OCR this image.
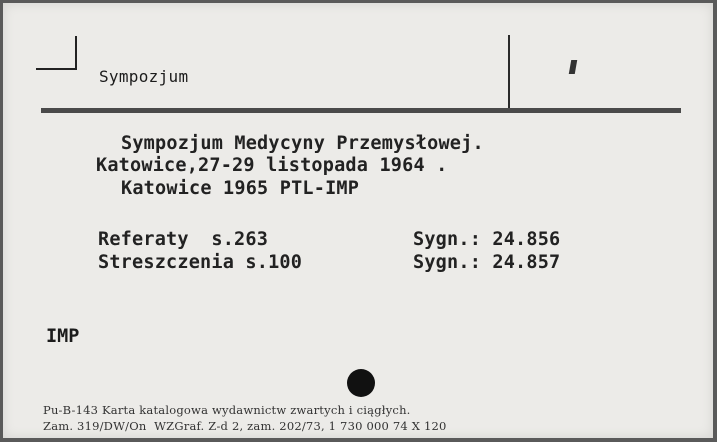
Sympozjum
Sympozjum Medycyny Przemysłowej.
Katowice,27-29 listopada 1964 .
Katowice 1965 PTL-IMP
Referaty  s.263
Streszczenia s.100
Sygn.: 24.856
Sygn.: 24.857
IMP
Pu-B-143 Karta katalogowa wydawnictw zwartych i ciągłych.
Zam. 319/DW/On  WZGraf. Z-d 2, zam. 202/73, 1 730 000 74 X 120
